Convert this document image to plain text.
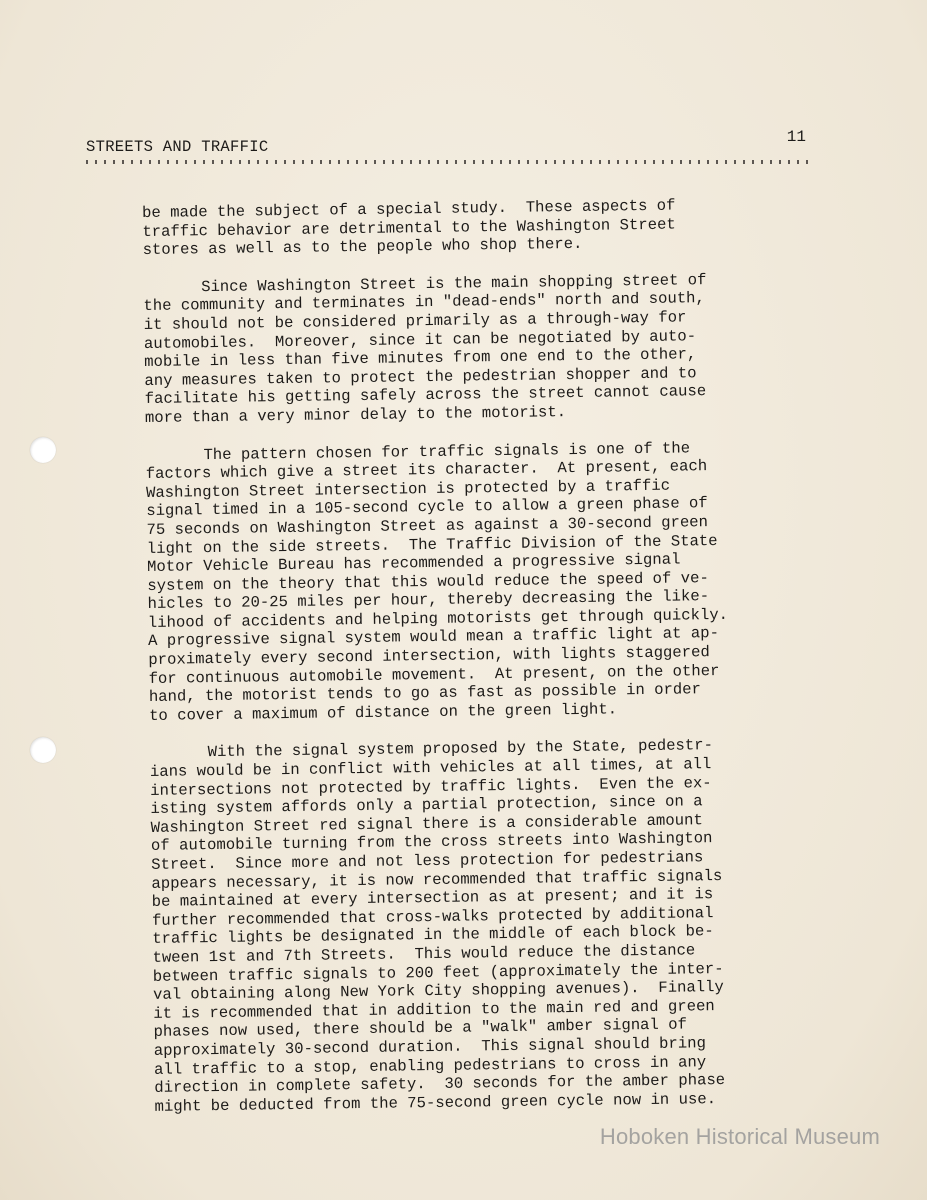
STREETS AND TRAFFIC
11
be made the subject of a special study.  These aspects of
traffic behavior are detrimental to the Washington Street
stores as well as to the people who shop there.
Since Washington Street is the main shopping street of
the community and terminates in "dead-ends" north and south,
it should not be considered primarily as a through-way for
automobiles.  Moreover, since it can be negotiated by auto-
mobile in less than five minutes from one end to the other,
any measures taken to protect the pedestrian shopper and to
facilitate his getting safely across the street cannot cause
more than a very minor delay to the motorist.
The pattern chosen for traffic signals is one of the
factors which give a street its character.  At present, each
Washington Street intersection is protected by a traffic
signal timed in a 105-second cycle to allow a green phase of
75 seconds on Washington Street as against a 30-second green
light on the side streets.  The Traffic Division of the State
Motor Vehicle Bureau has recommended a progressive signal
system on the theory that this would reduce the speed of ve-
hicles to 20-25 miles per hour, thereby decreasing the like-
lihood of accidents and helping motorists get through quickly.
A progressive signal system would mean a traffic light at ap-
proximately every second intersection, with lights staggered
for continuous automobile movement.  At present, on the other
hand, the motorist tends to go as fast as possible in order
to cover a maximum of distance on the green light.
With the signal system proposed by the State, pedestr-
ians would be in conflict with vehicles at all times, at all
intersections not protected by traffic lights.  Even the ex-
isting system affords only a partial protection, since on a
Washington Street red signal there is a considerable amount
of automobile turning from the cross streets into Washington
Street.  Since more and not less protection for pedestrians
appears necessary, it is now recommended that traffic signals
be maintained at every intersection as at present; and it is
further recommended that cross-walks protected by additional
traffic lights be designated in the middle of each block be-
tween 1st and 7th Streets.  This would reduce the distance
between traffic signals to 200 feet (approximately the inter-
val obtaining along New York City shopping avenues).  Finally
it is recommended that in addition to the main red and green
phases now used, there should be a "walk" amber signal of
approximately 30-second duration.  This signal should bring
all traffic to a stop, enabling pedestrians to cross in any
direction in complete safety.  30 seconds for the amber phase
might be deducted from the 75-second green cycle now in use.
Hoboken Historical Museum
